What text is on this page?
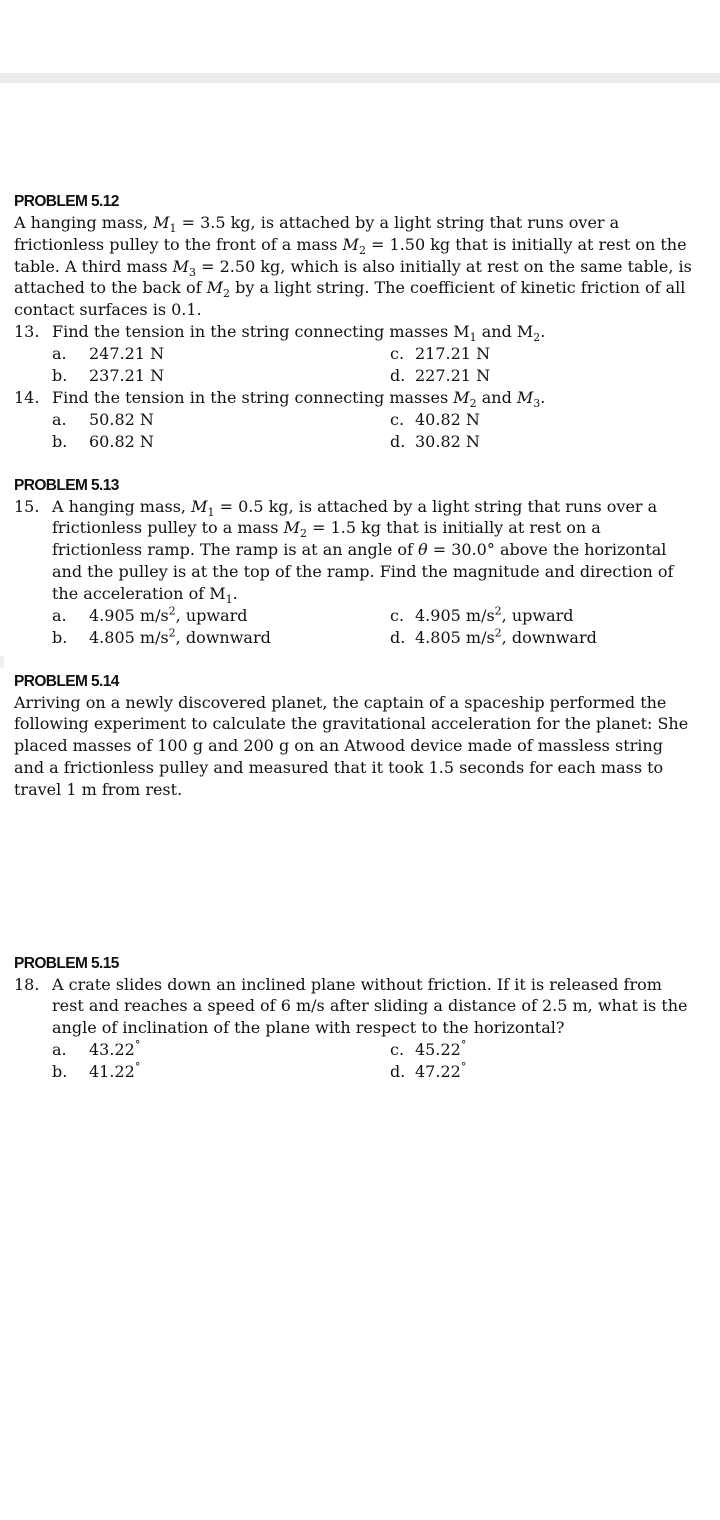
PROBLEM 5.12

A hanging mass, $M_1 = 3.5$ kg, is attached by a light string that runs over a frictionless pulley to the front of a mass $M_2 = 1.50$ kg that is initially at rest on the table. A third mass $M_3 = 2.50$ kg, which is also initially at rest on the same table, is attached to the back of $M_2$ by a light string. The coefficient of kinetic friction of all contact surfaces is 0.1.

13. Find the tension in the string connecting masses $M_1$ and $M_2$.
a. 247.21 N
b. 237.21 N
c. 217.21 N
d. 227.21 N
14. Find the tension in the string connecting masses $M_2$ and $M_3$.
a. 50.82 N
b. 60.82 N
c. 40.82 N
d. 30.82 N
PROBLEM 5.13
15. A hanging mass, $M_1 = 0.5$ kg, is attached by a light string that runs over a frictionless pulley to a mass $M_2 = 1.5$ kg that is initially at rest on a frictionless ramp. The ramp is at an angle of θ = 30.0° above the horizontal and the pulley is at the top of the ramp. Find the magnitude and direction of the acceleration of $M_1$.
a. 4.905 $m/s^2$, upward
b. 4.805 $m/s^2$, downward
c. 4.905 $m/s^2$, upward
d. 4.805 $m/s^2$, downward
PROBLEM 5.14

Arriving on a newly discovered planet, the captain of a spaceship performed the following experiment to calculate the gravitational acceleration for the planet: She placed masses of 100 g and 200 g on an Atwood device made of massless string and a frictionless pulley and measured that it took 1.5 seconds for each mass to travel 1 m from rest.

PROBLEM 5.15
18. A crate slides down an inclined plane without friction. If it is released from rest and reaches a speed of 6 m/s after sliding a distance of 2.5 m, what is the angle of inclination of the plane with respect to the horizontal?
a. 43.22°
b. 41.22°
c. 45.22°
d. 47.22°
